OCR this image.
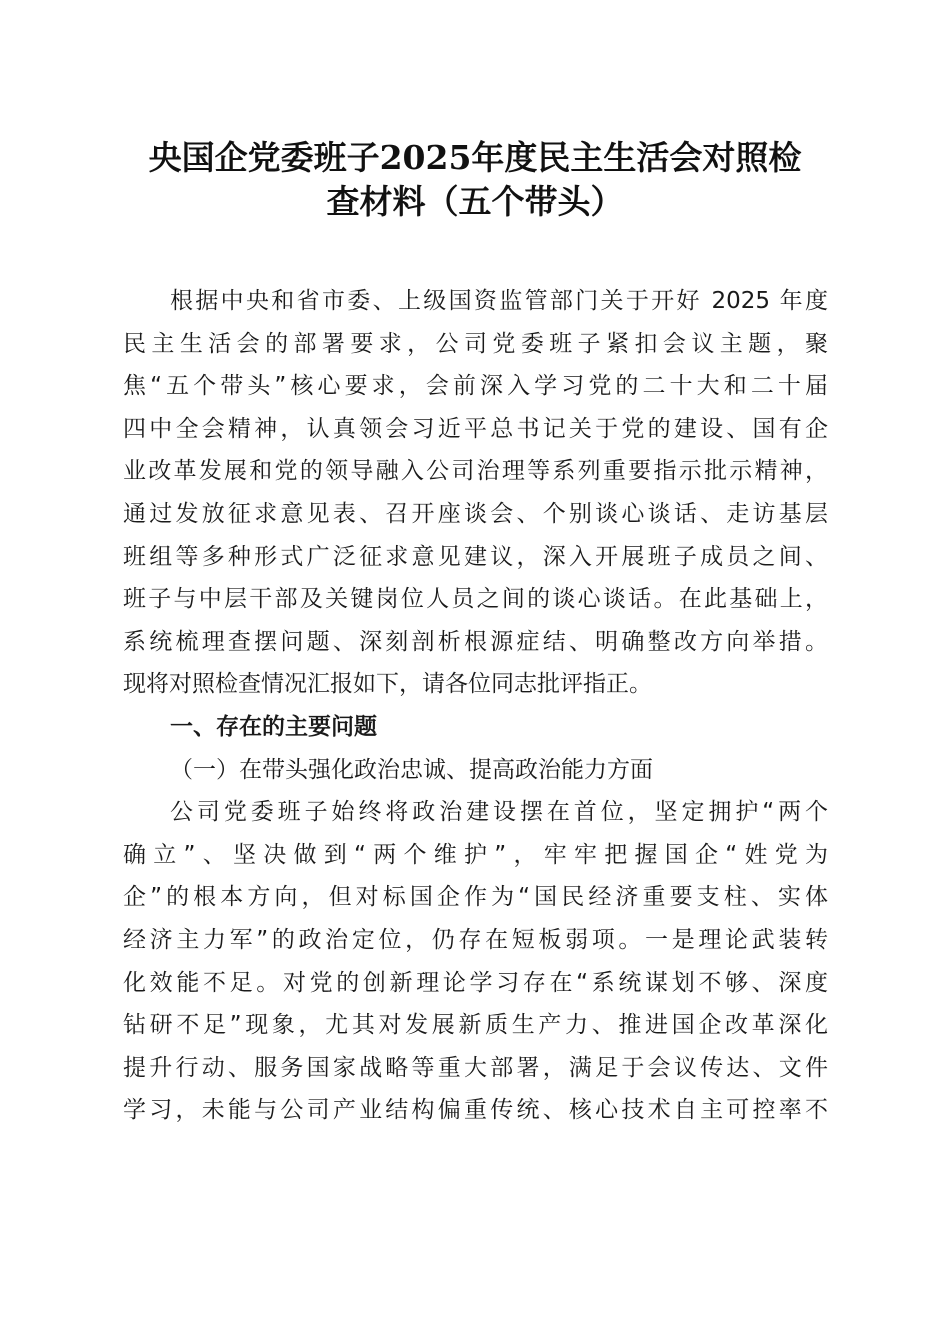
央国企党委班子2025年度民主生活会对照检
查材料（五个带头）
根据中央和省市委、上级国资监管部门关于开好 2025 年度
民主生活会的部署要求，公司党委班子紧扣会议主题，聚
焦“五个带头”核心要求，会前深入学习党的二十大和二十届
四中全会精神，认真领会习近平总书记关于党的建设、国有企
业改革发展和党的领导融入公司治理等系列重要指示批示精神，
通过发放征求意见表、召开座谈会、个别谈心谈话、走访基层
班组等多种形式广泛征求意见建议，深入开展班子成员之间、
班子与中层干部及关键岗位人员之间的谈心谈话。在此基础上，
系统梳理查摆问题、深刻剖析根源症结、明确整改方向举措。
现将对照检查情况汇报如下，请各位同志批评指正。
一、存在的主要问题
（一）在带头强化政治忠诚、提高政治能力方面
公司党委班子始终将政治建设摆在首位，坚定拥护“两个
确立”、坚决做到“两个维护”，牢牢把握国企“姓党为
企”的根本方向，但对标国企作为“国民经济重要支柱、实体
经济主力军”的政治定位，仍存在短板弱项。一是理论武装转
化效能不足。对党的创新理论学习存在“系统谋划不够、深度
钻研不足”现象，尤其对发展新质生产力、推进国企改革深化
提升行动、服务国家战略等重大部署，满足于会议传达、文件
学习，未能与公司产业结构偏重传统、核心技术自主可控率不
